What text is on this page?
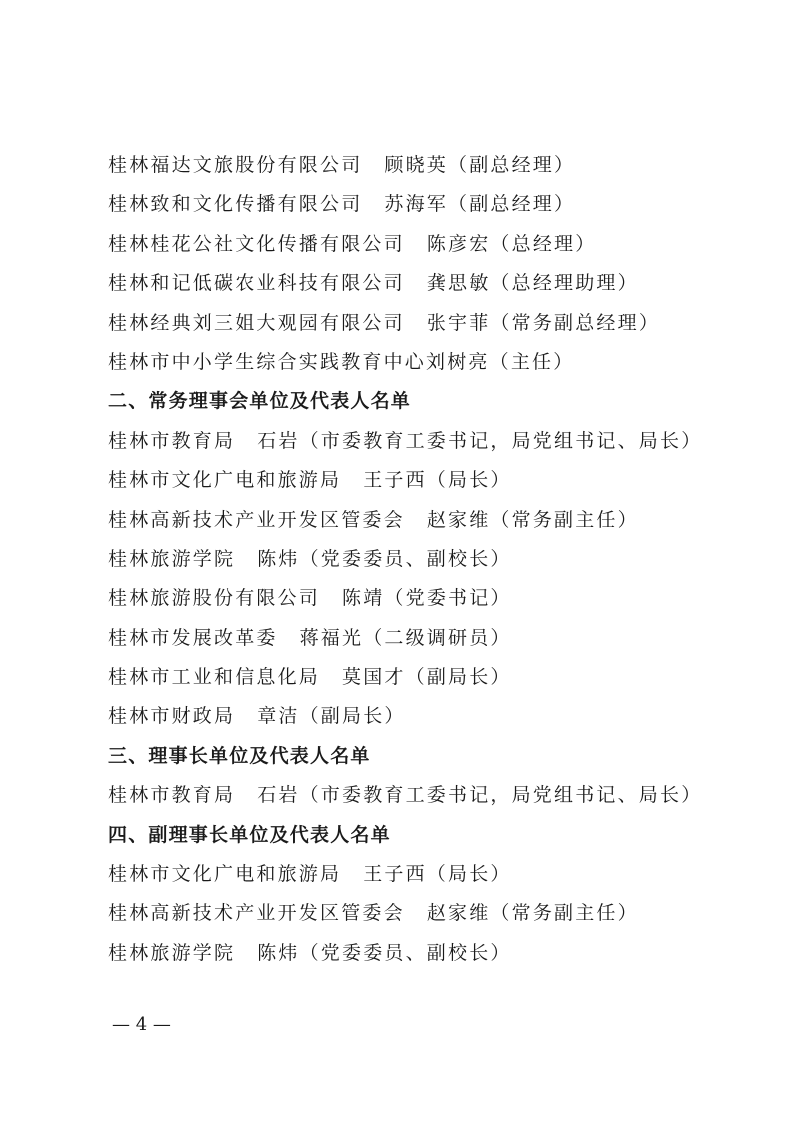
桂林福达文旅股份有限公司 顾晓英（副总经理）
桂林致和文化传播有限公司 苏海军（副总经理）
桂林桂花公社文化传播有限公司 陈彦宏（总经理）
桂林和记低碳农业科技有限公司 龚思敏（总经理助理）
桂林经典刘三姐大观园有限公司 张宇菲（常务副总经理）
桂林市中小学生综合实践教育中心刘树亮（主任）
二、常务理事会单位及代表人名单
桂林市教育局 石岩（市委教育工委书记，局党组书记、局长）
桂林市文化广电和旅游局 王子西（局长）
桂林高新技术产业开发区管委会 赵家维（常务副主任）
桂林旅游学院 陈炜（党委委员、副校长）
桂林旅游股份有限公司 陈靖（党委书记）
桂林市发展改革委 蒋福光（二级调研员）
桂林市工业和信息化局 莫国才（副局长）
桂林市财政局 章洁（副局长）
三、理事长单位及代表人名单
桂林市教育局 石岩（市委教育工委书记，局党组书记、局长）
四、副理事长单位及代表人名单
桂林市文化广电和旅游局 王子西（局长）
桂林高新技术产业开发区管委会 赵家维（常务副主任）
桂林旅游学院 陈炜（党委委员、副校长）
— 4 —
